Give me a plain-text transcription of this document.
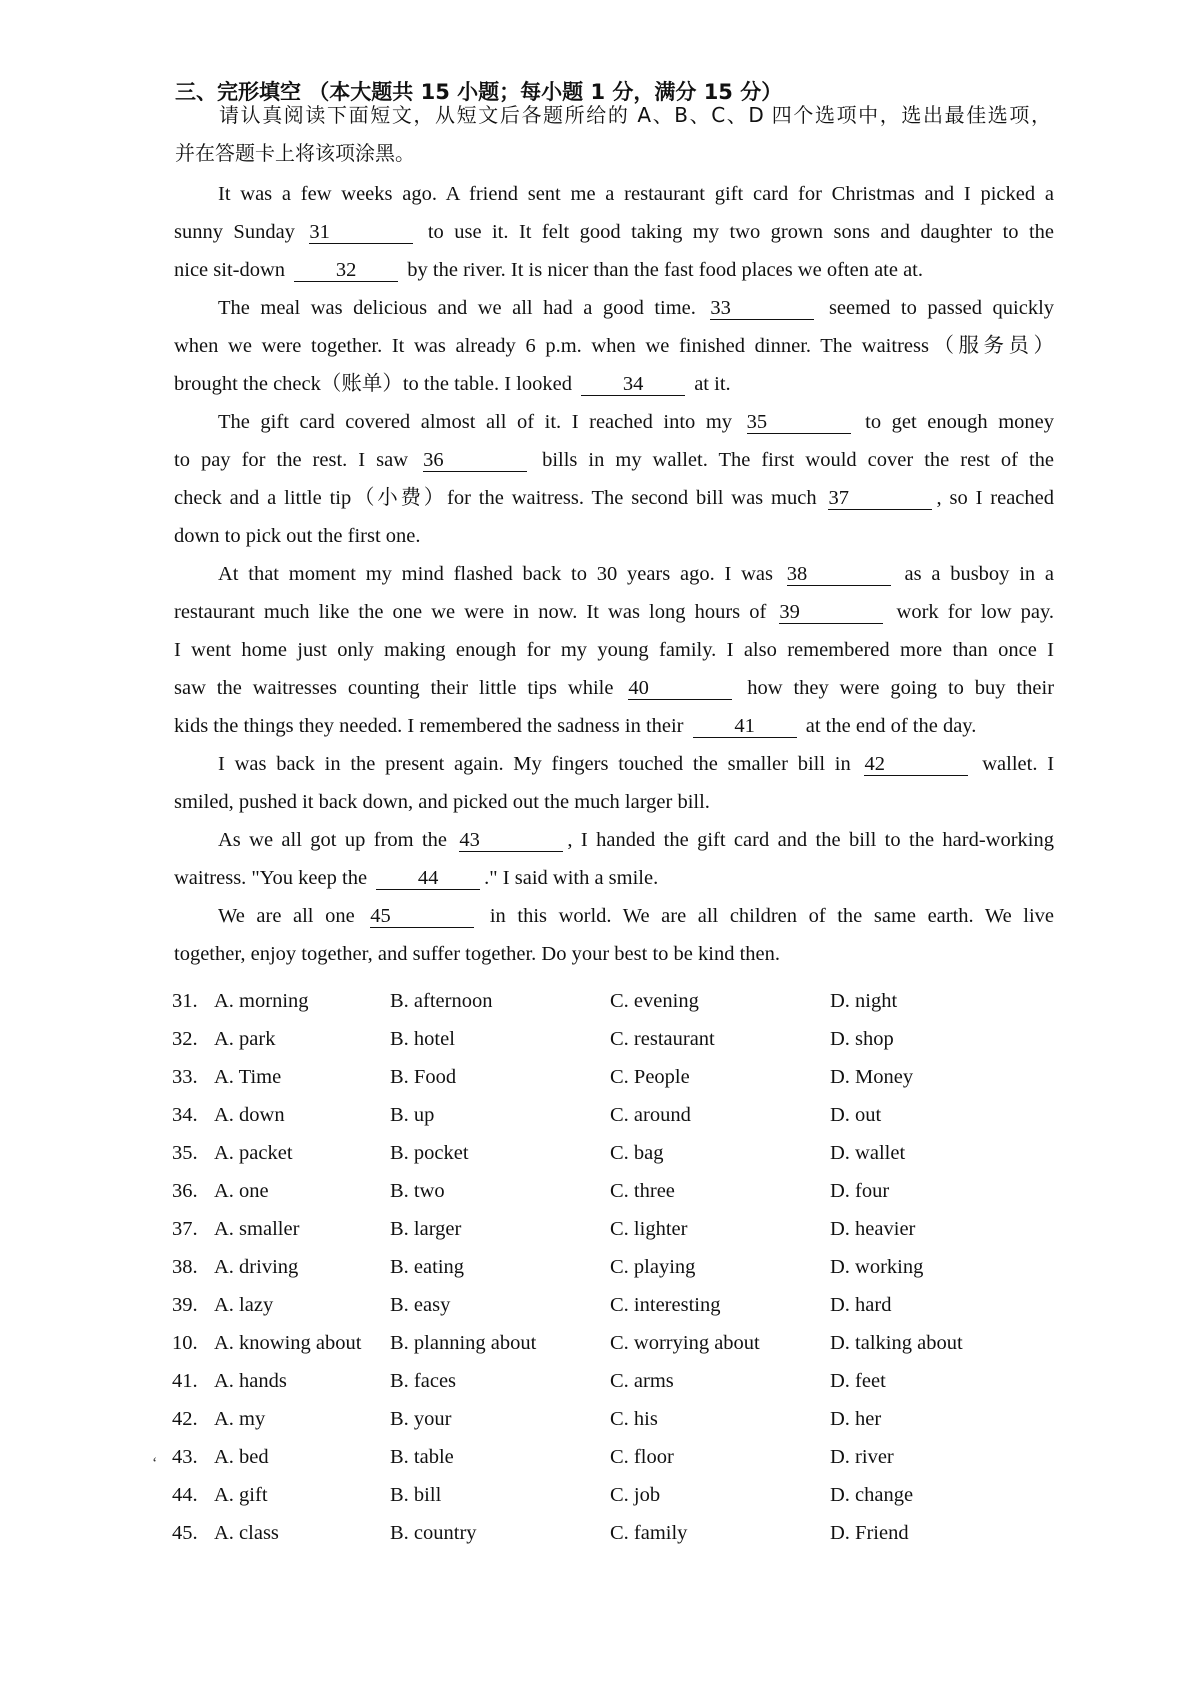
三、完形填空 （本大题共 15 小题；每小题 1 分，满分 15 分）
请认真阅读下面短文，从短文后各题所给的 A、B、C、D 四个选项中，选出最佳选项，
并在答题卡上将该项涂黑。
It was a few weeks ago. A friend sent me a restaurant gift card for Christmas and I picked a
sunny Sunday 31	to use it. It felt good taking my two grown sons and daughter to the
nice sit-down 32 by the river. It is nicer than the fast food places we often ate at.
The meal was delicious and we all had a good time. 33	seemed to passed quickly
when we were together. It was already 6 p.m. when we finished dinner. The waitress（服务员）
brought the check（账单）to the table. I looked 34 at it.
The gift card covered almost all of it. I reached into my 35	to get enough money
to pay for the rest. I saw 36	bills in my wallet. The first would cover the rest of the
check and a little tip（小费）for the waitress. The second bill was much 37	, so I reached
down to pick out the first one.
At that moment my mind flashed back to 30 years ago. I was 38	as a busboy in a
restaurant much like the one we were in now. It was long hours of 39	work for low pay.
I went home just only making enough for my young family. I also remembered more than once I
saw the waitresses counting their little tips while 40	how they were going to buy their
kids the things they needed. I remembered the sadness in their 41 at the end of the day.
I was back in the present again. My fingers touched the smaller bill in 42	wallet. I
smiled, pushed it back down, and picked out the much larger bill.
As we all got up from the 43	, I handed the gift card and the bill to the hard-working
waitress. "You keep the 44 ." I said with a smile.
We are all one 45	in this world. We are all children of the same earth. We live
together, enjoy together, and suffer together. Do your best to be kind then.
31. A. morning	B. afternoon	C. evening	D. night
32. A. park	B. hotel	C. restaurant	D. shop
33. A. Time	B. Food	C. People	D. Money
34. A. down	B. up	C. around	D. out
35. A. packet	B. pocket	C. bag	D. wallet
36. A. one	B. two	C. three	D. four
37. A. smaller	B. larger	C. lighter	D. heavier
38. A. driving	B. eating	C. playing	D. working
39. A. lazy	B. easy	C. interesting	D. hard
10. A. knowing about B. planning about	C. worrying about	D. talking about
41. A. hands	B. faces	C. arms	D. feet
42. A. my	B. your	C. his	D. her
43. A. bed	B. table	C. floor	D. river
44. A. gift	B. bill	C. job	D. change
45. A. class	B. country	C. family	D. Friend
‘
